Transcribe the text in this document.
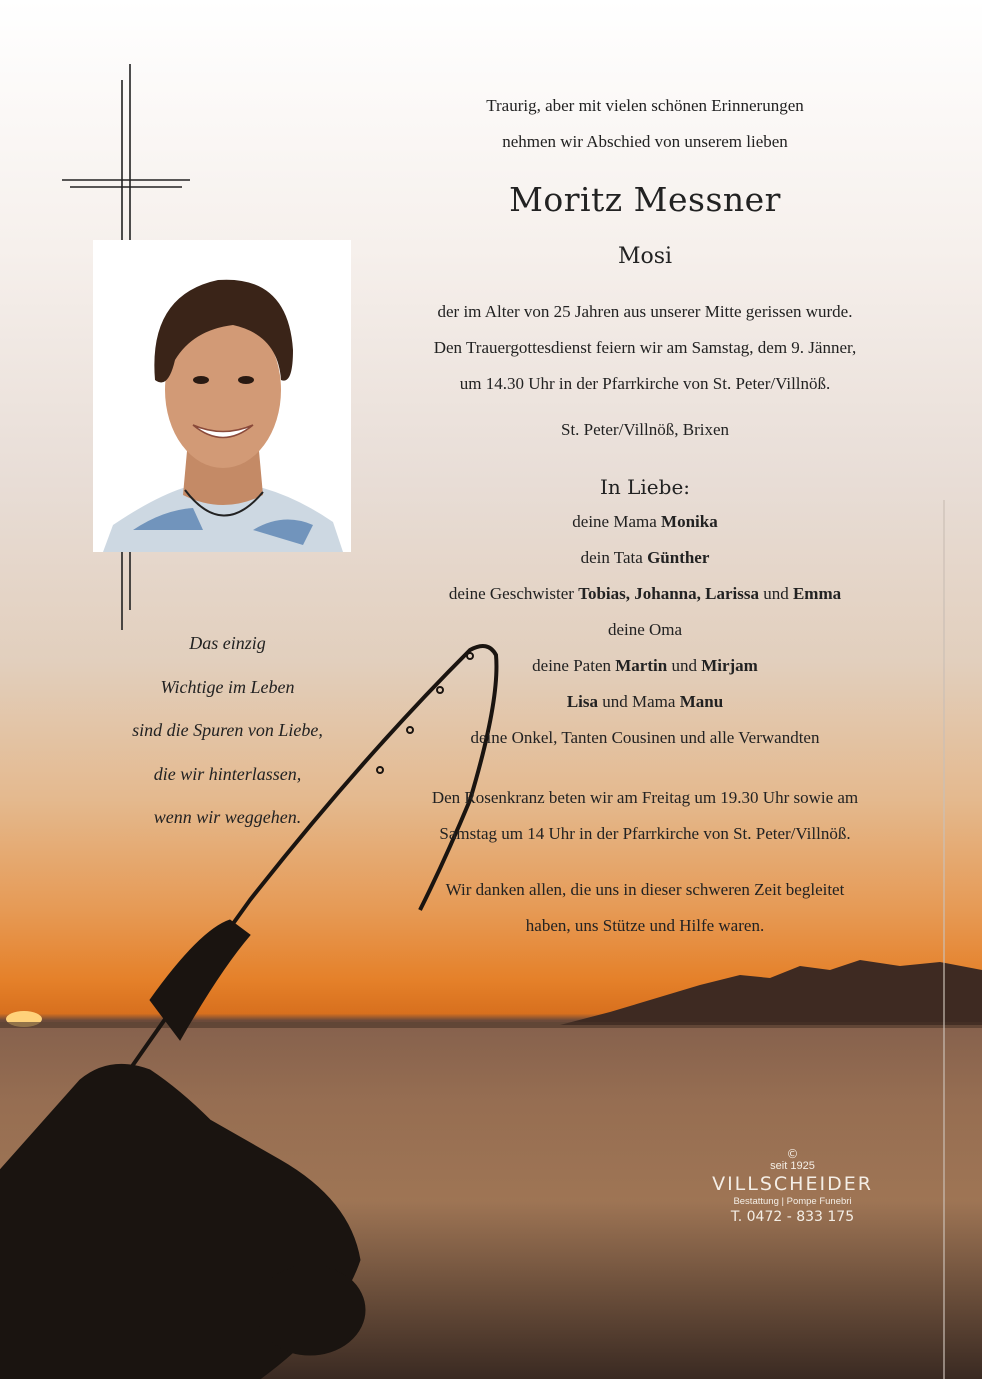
Traurig, aber mit vielen schönen Erinnerungen

nehmen wir Abschied von unserem lieben

Moritz Messner
Mosi

der im Alter von 25 Jahren aus unserer Mitte gerissen wurde.

Den Trauergottesdienst feiern wir am Samstag, dem 9. Jänner,

um 14.30 Uhr in der Pfarrkirche von St. Peter/Villnöß.

St. Peter/Villnöß, Brixen

In Liebe:

deine Mama Monika

dein Tata Günther

deine Geschwister Tobias, Johanna, Larissa und Emma

deine Oma

deine Paten Martin und Mirjam

Lisa und Mama Manu

deine Onkel, Tanten Cousinen und alle Verwandten

Den Rosenkranz beten wir am Freitag um 19.30 Uhr sowie am

Samstag um 14 Uhr in der Pfarrkirche von St. Peter/Villnöß.

Wir danken allen, die uns in dieser schweren Zeit begleitet

haben, uns Stütze und Hilfe waren.

Das einzig
Wichtige im Leben
sind die Spuren von Liebe,
die wir hinterlassen,
wenn wir weggehen.
©
seit 1925
VILLSCHEIDER
Bestattung | Pompe Funebri
T. 0472 - 833 175
